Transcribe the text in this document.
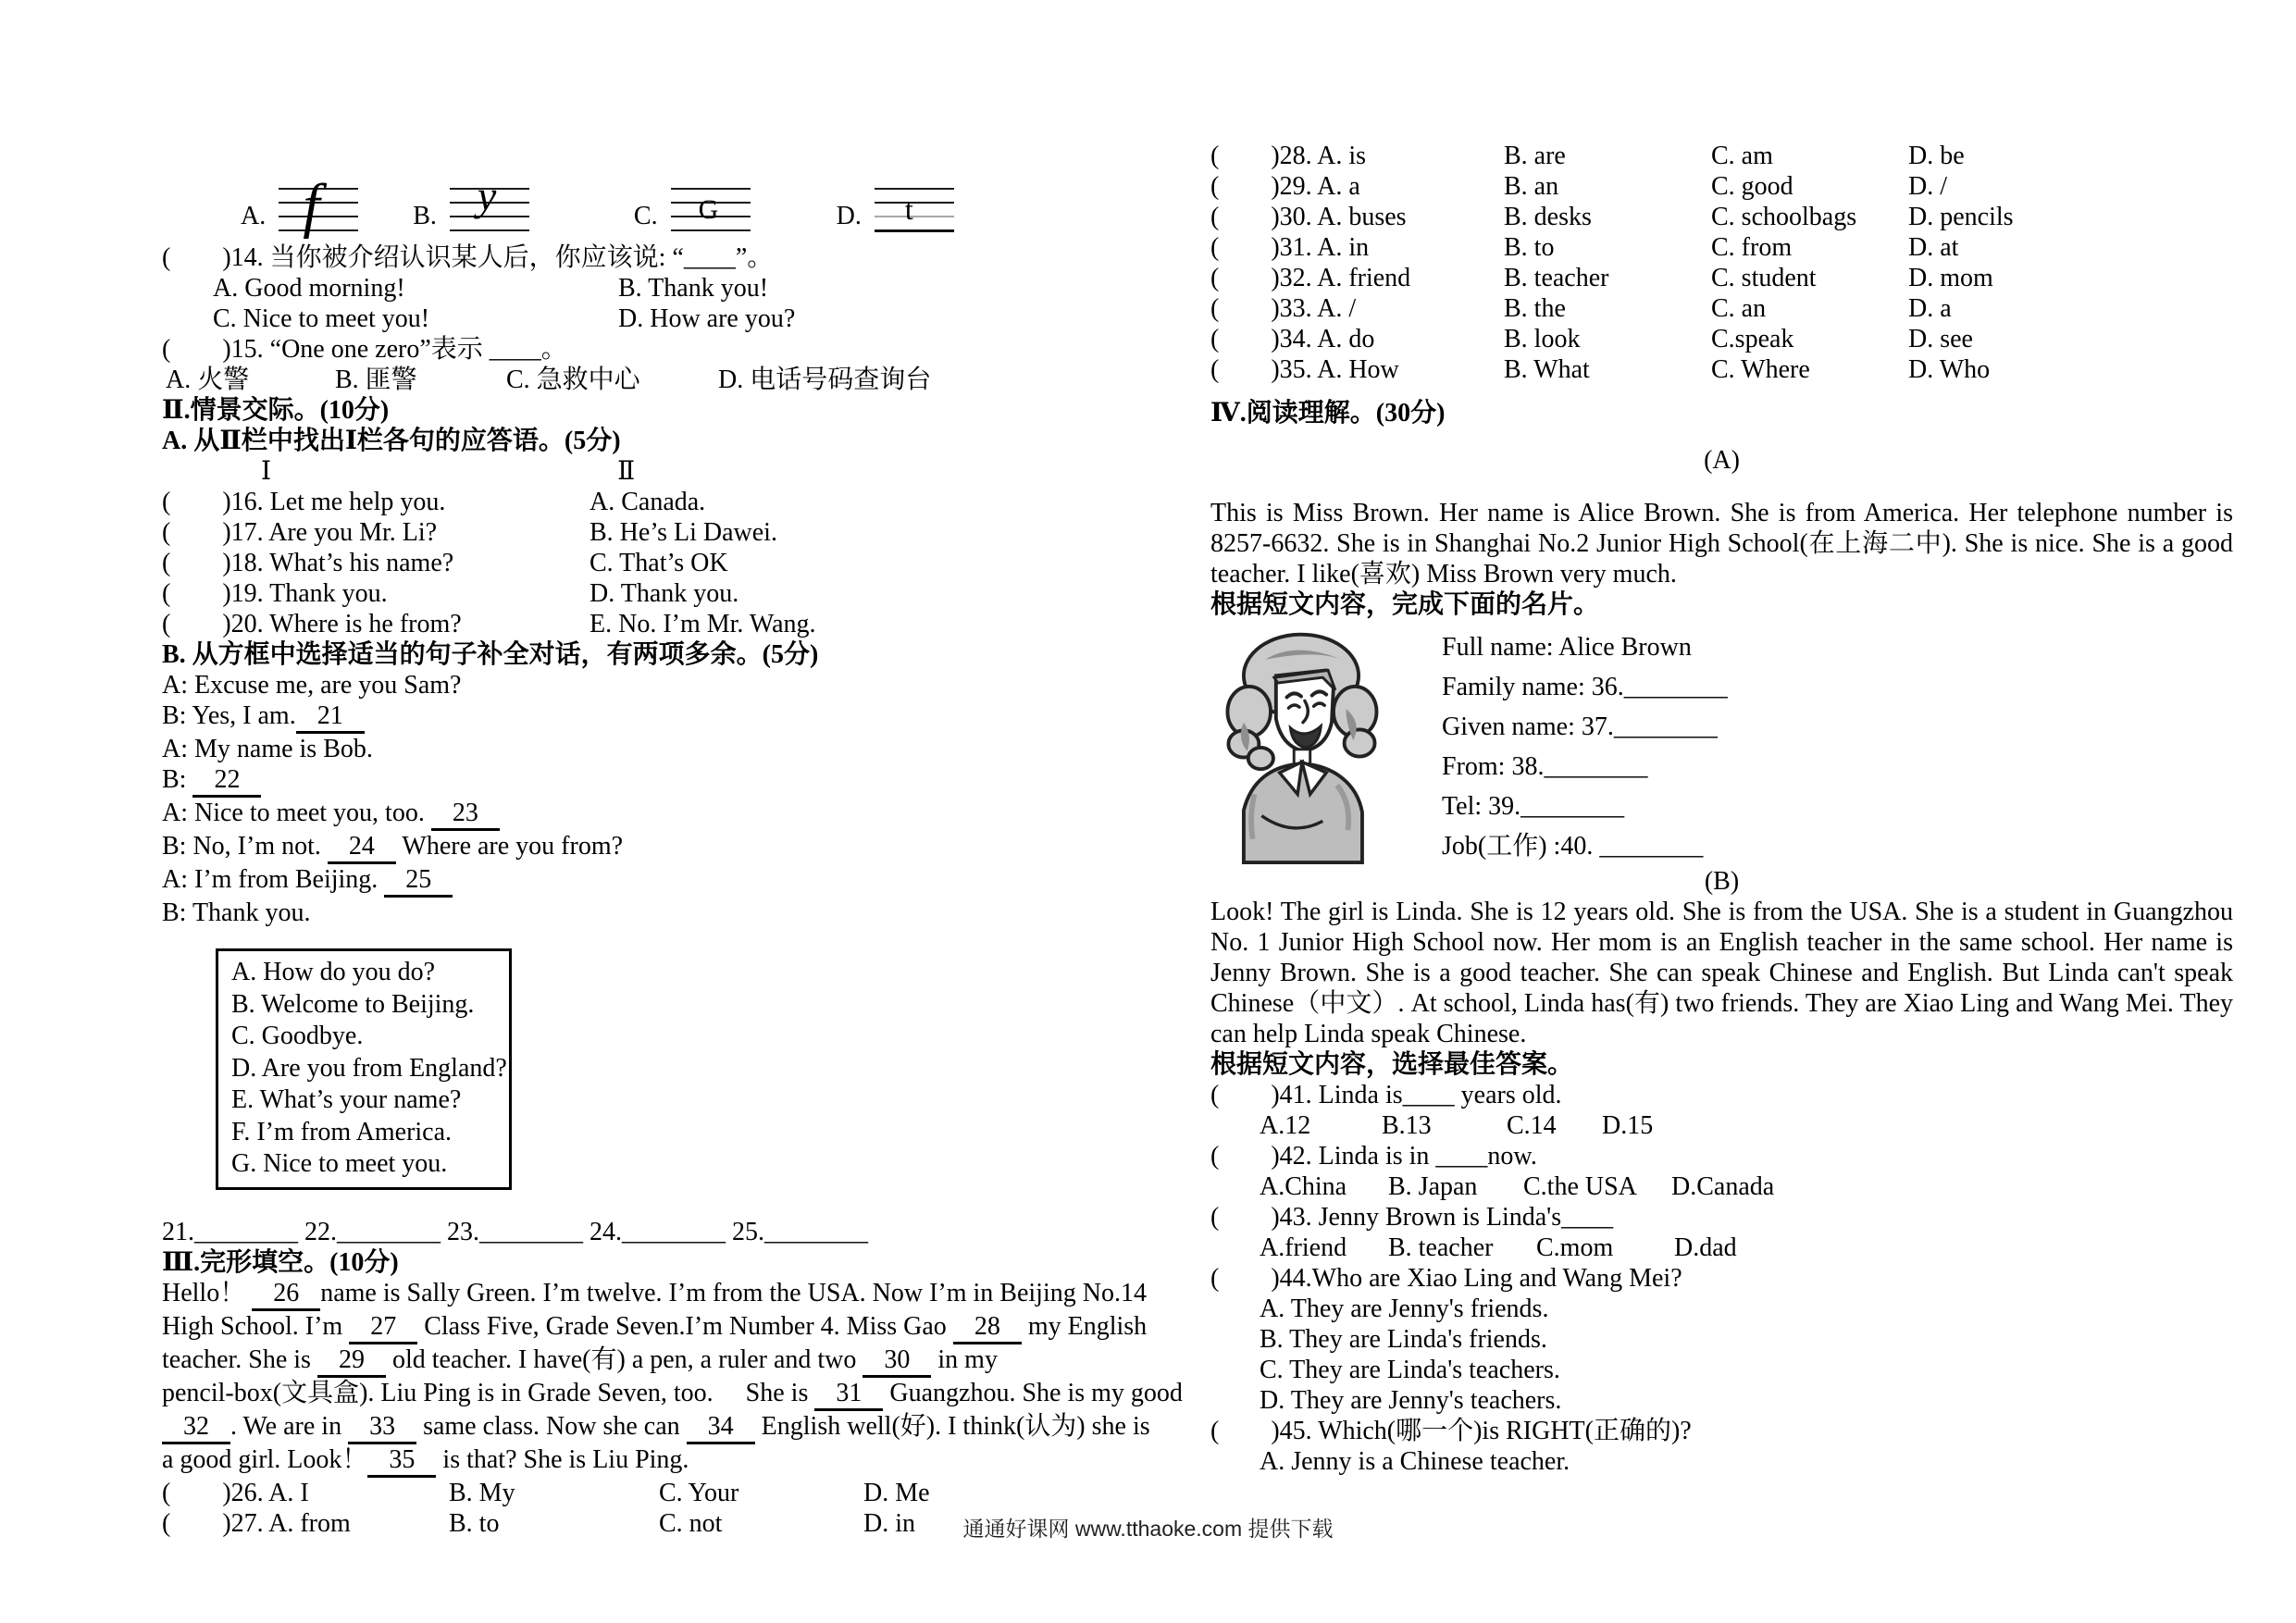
A. f	B. y	C. G	D. t
(　　)14. 当你被介绍认识某人后，你应该说: “____”。
A. Good morning!	B. Thank you!
C. Nice to meet you!	D. How are you?
(　　)15. “One one zero”表示 ____。
A. 火警	B. 匪警	C. 急救中心	D. 电话号码查询台
Ⅱ.情景交际。(10分)
A. 从Ⅱ栏中找出Ⅰ栏各句的应答语。(5分)
Ⅰ	Ⅱ
(　　)16. Let me help you.	A. Canada.
(　　)17. Are you Mr. Li?	B. He’s Li Dawei.
(　　)18. What’s his name?	C. That’s OK
(　　)19. Thank you.	D. Thank you.
(　　)20. Where is he from?	E. No. I’m Mr. Wang.
B. 从方框中选择适当的句子补全对话，有两项多余。(5分)
A: Excuse me, are you Sam?
B: Yes, I am. 21
A: My name is Bob.
B: 22
A: Nice to meet you, too. 23
B: No, I’m not. 24 Where are you from?
A: I’m from Beijing. 25
B: Thank you.
A. How do you do?
B. Welcome to Beijing.
C. Goodbye.
D. Are you from England?
E. What’s your name?
F. I’m from America.
G. Nice to meet you.
21.________ 22.________ 23.________ 24.________ 25.________
Ⅲ.完形填空。(10分)
Hello！ 26 name is Sally Green. I’m twelve. I’m from the USA. Now I’m in Beijing No.14
High School. I’m 27 Class Five, Grade Seven.I’m Number 4. Miss Gao 28 my English
teacher. She is 29 old teacher. I have(有) a pen, a ruler and two 30 in my
pencil-box(文具盒). Liu Ping is in Grade Seven, too.　 She is 31 Guangzhou. She is my good
32 . We are in 33 same class. Now she can 34 English well(好). I think(认为) she is
a good girl. Look！ 35 is that? She is Liu Ping.
(　　)26. A. I	B. My	C. Your	D. Me
(　　)27. A. from	B. to	C. not	D. in
(　　)28. A. is	B. are	C. am	D. be
(　　)29. A. a	B. an	C. good	D. /
(　　)30. A. buses	B. desks	C. schoolbags	D. pencils
(　　)31. A. in	B. to	C. from	D. at
(　　)32. A. friend	B. teacher	C. student	D. mom
(　　)33. A. /	B. the	C. an	D. a
(　　)34. A. do	B. look	C.speak	D. see
(　　)35. A. How	B. What	C. Where	D. Who
Ⅳ.阅读理解。(30分)
(A)
This is Miss Brown. Her name is Alice Brown. She is from America. Her telephone number is 8257-6632. She is in Shanghai No.2 Junior High School(在上海二中). She is nice. She is a good teacher. I like(喜欢) Miss Brown very much.
根据短文内容，完成下面的名片。
Full name: Alice Brown
Family name: 36.________
Given name: 37.________
From: 38.________
Tel: 39.________
Job(工作) :40. ________
(B)
Look! The girl is Linda. She is 12 years old. She is from the USA. She is a student in Guangzhou No. 1 Junior High School now. Her mom is an English teacher in the same school. Her name is Jenny Brown. She is a good teacher. She can speak Chinese and English. But Linda can't speak Chinese（中文）. At school, Linda has(有) two friends. They are Xiao Ling and Wang Mei. They can help Linda speak Chinese.
根据短文内容，选择最佳答案。
(　　)41. Linda is____ years old.
A.12	B.13	C.14 D.15
(　　)42. Linda is in ____now.
A.China B. Japan C.the USA D.Canada
(　　)43. Jenny Brown is Linda's____
A.friend B. teacher C.mom D.dad
(　　)44.Who are Xiao Ling and Wang Mei?
A. They are Jenny's friends.
B. They are Linda's friends.
C. They are Linda's teachers.
D. They are Jenny's teachers.
(　　)45. Which(哪一个)is RIGHT(正确的)?
A. Jenny is a Chinese teacher.
通通好课网 www.tthaoke.com 提供下载
